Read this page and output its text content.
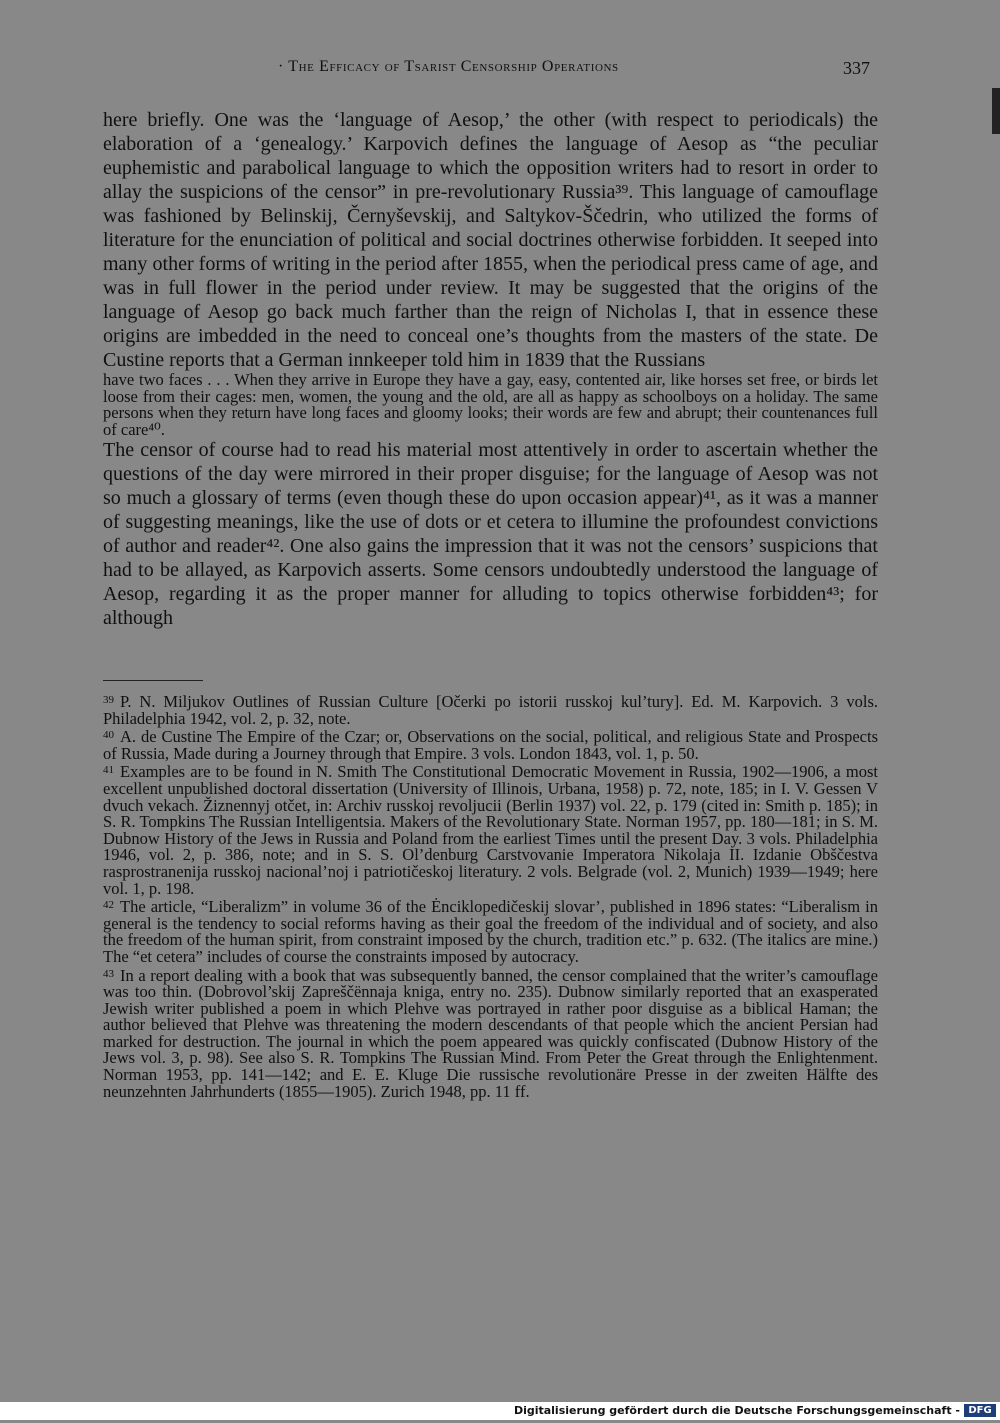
· The Efficacy of Tsarist Censorship Operations	337

here briefly. One was the ‘language of Aesop,’ the other (with respect to periodicals) the elaboration of a ‘genealogy.’ Karpovich defines the language of Aesop as “the peculiar euphemistic and parabolical language to which the opposition writers had to resort in order to allay the suspicions of the censor” in pre-revolutionary Russia³⁹. This language of camouflage was fashioned by Belinskij, Černyševskij, and Saltykov-Ščedrin, who utilized the forms of literature for the enunciation of political and social doctrines otherwise forbidden. It seeped into many other forms of writing in the period after 1855, when the periodical press came of age, and was in full flower in the period under review. It may be suggested that the origins of the language of Aesop go back much farther than the reign of Nicholas I, that in essence these origins are imbedded in the need to conceal one’s thoughts from the masters of the state. De Custine reports that a German innkeeper told him in 1839 that the Russians

have two faces . . . When they arrive in Europe they have a gay, easy, contented air, like horses set free, or birds let loose from their cages: men, women, the young and the old, are all as happy as schoolboys on a holiday. The same persons when they return have long faces and gloomy looks; their words are few and abrupt; their countenances full of care⁴⁰.

The censor of course had to read his material most attentively in order to ascertain whether the questions of the day were mirrored in their proper disguise; for the language of Aesop was not so much a glossary of terms (even though these do upon occasion appear)⁴¹, as it was a manner of suggesting meanings, like the use of dots or et cetera to illumine the profoundest convictions of author and reader⁴². One also gains the impression that it was not the censors’ suspicions that had to be allayed, as Karpovich asserts. Some censors undoubtedly understood the language of Aesop, regarding it as the proper manner for alluding to topics otherwise forbidden⁴³; for although

$^{39}$ P. N. Miljukov Outlines of Russian Culture [Očerki po istorii russkoj kul’tury]. Ed. M. Karpovich. 3 vols. Philadelphia 1942, vol. 2, p. 32, note.

$^{40}$ A. de Custine The Empire of the Czar; or, Observations on the social, political, and religious State and Prospects of Russia, Made during a Journey through that Empire. 3 vols. London 1843, vol. 1, p. 50.

$^{41}$ Examples are to be found in N. Smith The Constitutional Democratic Movement in Russia, 1902—1906, a most excellent unpublished doctoral dissertation (University of Illinois, Urbana, 1958) p. 72, note, 185; in I. V. Gessen V dvuch vekach. Žiznennyj otčet, in: Archiv russkoj revoljucii (Berlin 1937) vol. 22, p. 179 (cited in: Smith p. 185); in S. R. Tompkins The Russian Intelligentsia. Makers of the Revolutionary State. Norman 1957, pp. 180—181; in S. M. Dubnow History of the Jews in Russia and Poland from the earliest Times until the present Day. 3 vols. Philadelphia 1946, vol. 2, p. 386, note; and in S. S. Ol’denburg Carstvovanie Imperatora Nikolaja II. Izdanie Obščestva rasprostranenija russkoj nacional’noj i patriotičeskoj literatury. 2 vols. Belgrade (vol. 2, Munich) 1939—1949; here vol. 1, p. 198.

$^{42}$ The article, “Liberalizm” in volume 36 of the Ėnciklopedičeskij slovar’, published in 1896 states: “Liberalism in general is the tendency to social reforms having as their goal the freedom of the individual and of society, and also the freedom of the human spirit, from constraint imposed by the church, tradition etc.” p. 632. (The italics are mine.) The “et cetera” includes of course the constraints imposed by autocracy.

$^{43}$ In a report dealing with a book that was subsequently banned, the censor complained that the writer’s camouflage was too thin. (Dobrovol’skij Zapreščënnaja kniga, entry no. 235). Dubnow similarly reported that an exasperated Jewish writer published a poem in which Plehve was portrayed in rather poor disguise as a biblical Haman; the author believed that Plehve was threatening the modern descendants of that people which the ancient Persian had marked for destruction. The journal in which the poem appeared was quickly confiscated (Dubnow History of the Jews vol. 3, p. 98). See also S. R. Tompkins The Russian Mind. From Peter the Great through the Enlightenment. Norman 1953, pp. 141—142; and E. E. Kluge Die russische revolutionäre Presse in der zweiten Hälfte des neunzehnten Jahrhunderts (1855—1905). Zurich 1948, pp. 11 ff.

Digitalisierung gefördert durch die Deutsche Forschungsgemeinschaft - DFG
